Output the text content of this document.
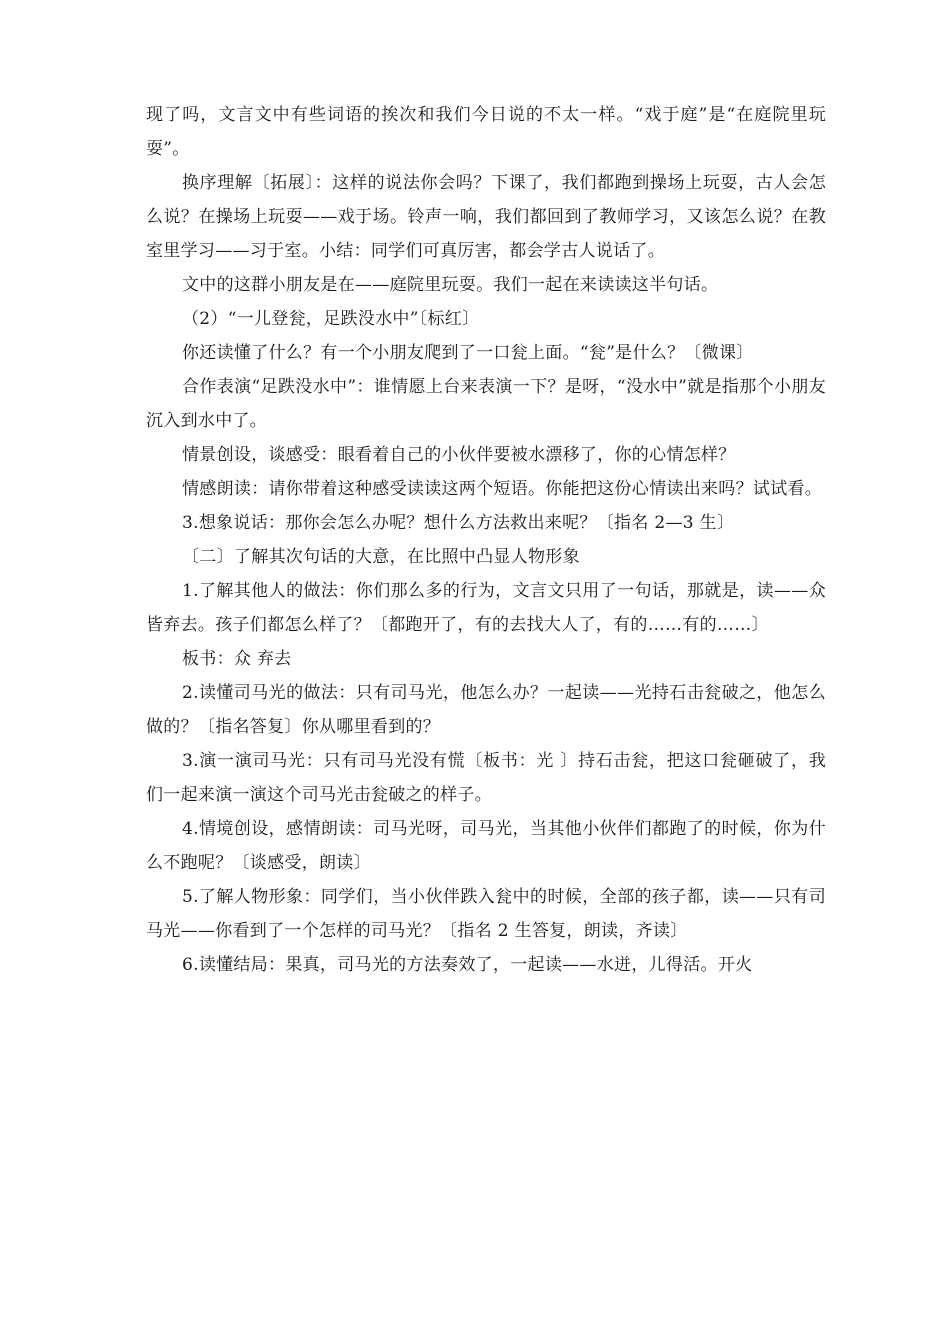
现了吗，文言文中有些词语的挨次和我们今日说的不太一样。“戏于庭”是“在庭院里玩耍”。

换序理解〔拓展〕：这样的说法你会吗？下课了，我们都跑到操场上玩耍，古人会怎么说？在操场上玩耍——戏于场。铃声一响，我们都回到了教师学习，又该怎么说？在教室里学习——习于室。小结：同学们可真厉害，都会学古人说话了。

文中的这群小朋友是在——庭院里玩耍。我们一起在来读读这半句话。

（2）“一儿登瓮，足跌没水中”〔标红〕

你还读懂了什么？有一个小朋友爬到了一口瓮上面。“瓮”是什么？〔微课〕

合作表演“足跌没水中”：谁情愿上台来表演一下？是呀，“没水中”就是指那个小朋友沉入到水中了。

情景创设，谈感受：眼看着自己的小伙伴要被水漂移了，你的心情怎样？

情感朗读：请你带着这种感受读读这两个短语。你能把这份心情读出来吗？试试看。

3.想象说话：那你会怎么办呢？想什么方法救出来呢？〔指名 2—3 生〕

〔二〕了解其次句话的大意，在比照中凸显人物形象

1.了解其他人的做法：你们那么多的行为，文言文只用了一句话，那就是，读——众皆弃去。孩子们都怎么样了？〔都跑开了，有的去找大人了，有的……有的……〕

板书：众 弃去

2.读懂司马光的做法：只有司马光，他怎么办？一起读——光持石击瓮破之，他怎么做的？〔指名答复〕你从哪里看到的？

3.演一演司马光：只有司马光没有慌〔板书：光 〕持石击瓮，把这口瓮砸破了，我们一起来演一演这个司马光击瓮破之的样子。

4.情境创设，感情朗读：司马光呀，司马光，当其他小伙伴们都跑了的时候，你为什么不跑呢？〔谈感受，朗读〕

5.了解人物形象：同学们，当小伙伴跌入瓮中的时候，全部的孩子都，读——只有司马光——你看到了一个怎样的司马光？〔指名 2 生答复，朗读，齐读〕

6.读懂结局：果真，司马光的方法奏效了，一起读——水迸，儿得活。开火
